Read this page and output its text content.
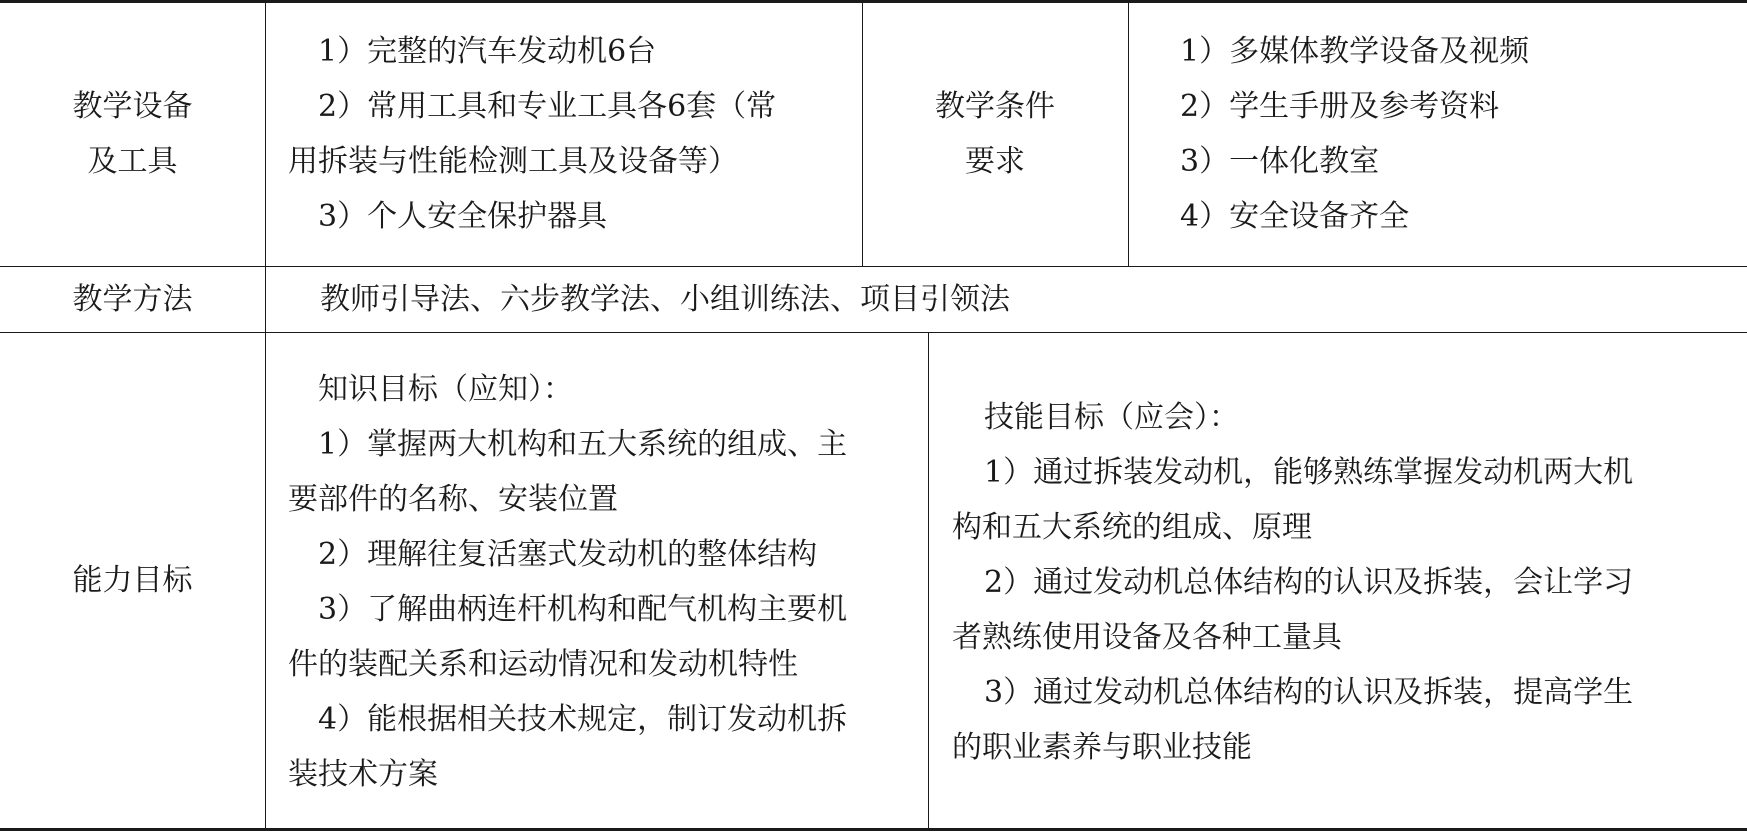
教学设备
及工具

1）完整的汽车发动机6台

2）常用工具和专业工具各6套（常

用拆装与性能检测工具及设备等）

3）个人安全保护器具

教学条件
要求

1）多媒体教学设备及视频

2）学生手册及参考资料

3）一体化教室

4）安全设备齐全

教学方法	教师引导法、六步教学法、小组训练法、项目引领法
能力目标

知识目标（应知）：

1）掌握两大机构和五大系统的组成、主

要部件的名称、安装位置

2）理解往复活塞式发动机的整体结构

3）了解曲柄连杆机构和配气机构主要机

件的装配关系和运动情况和发动机特性

4）能根据相关技术规定，制订发动机拆

装技术方案

技能目标（应会）：

1）通过拆装发动机，能够熟练掌握发动机两大机

构和五大系统的组成、原理

2）通过发动机总体结构的认识及拆装，会让学习

者熟练使用设备及各种工量具

3）通过发动机总体结构的认识及拆装，提高学生

的职业素养与职业技能
